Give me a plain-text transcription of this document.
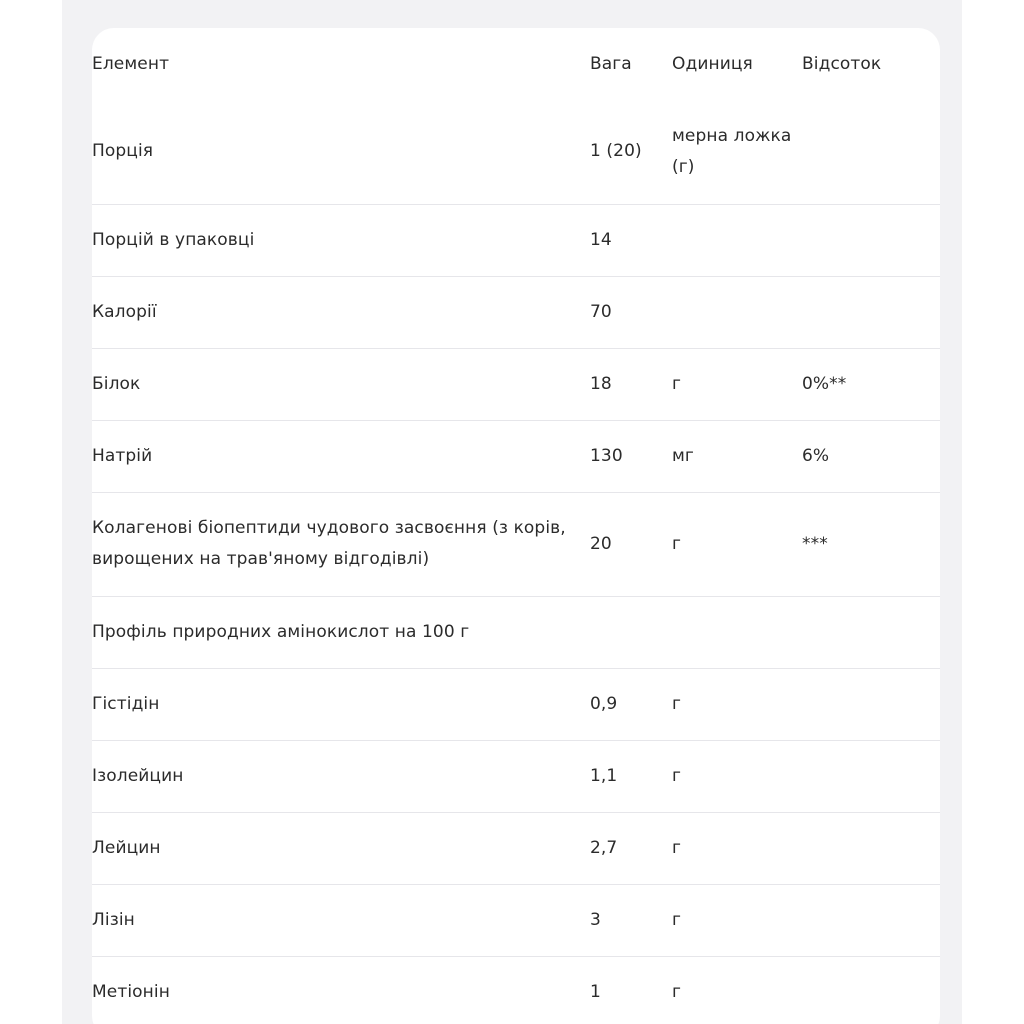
Елемент	Вага	Одиниця	Відсоток
Порція	1 (20)	мерна ложка (г)	
Порцій в упаковці	14		
Калорії	70		
Білок	18	г	0%**
Натрій	130	мг	6%
Колагенові біопептиди чудового засвоєння (з корів, вирощених на трав'яному відгодівлі)	20	г	***
Профіль природних амінокислот на 100 г			
Гістідін	0,9	г	
Ізолейцин	1,1	г	
Лейцин	2,7	г	
Лізін	3	г	
Метіонін	1	г	
